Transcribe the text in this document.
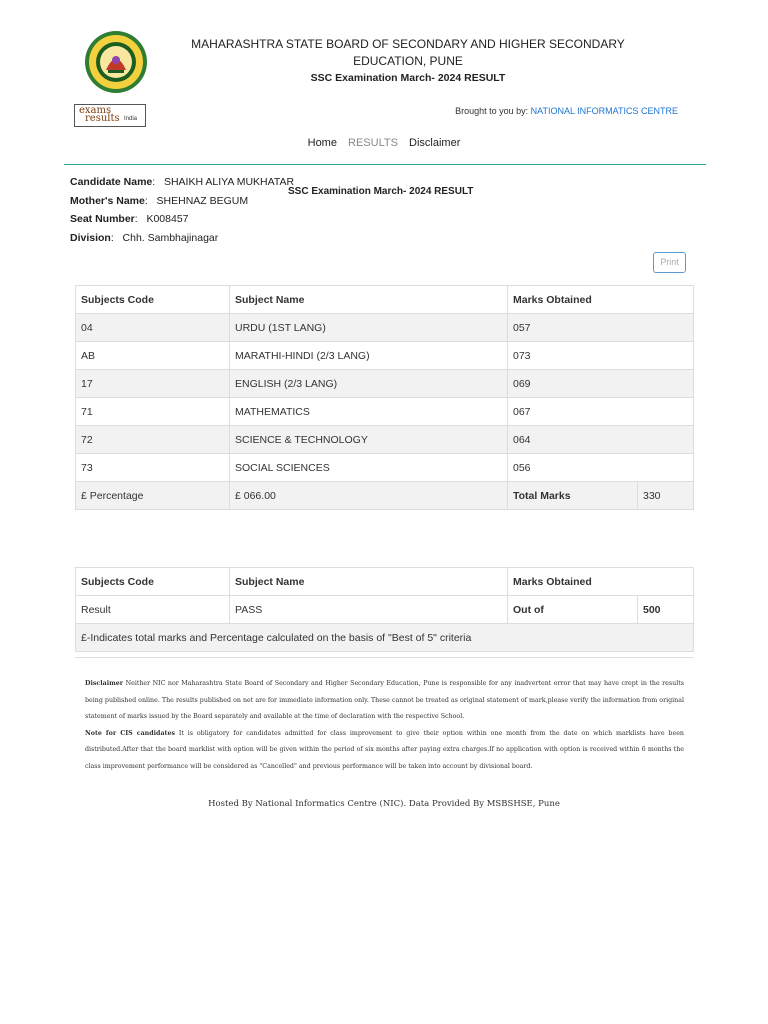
MAHARASHTRA STATE BOARD OF SECONDARY AND HIGHER SECONDARY EDUCATION, PUNE
SSC Examination March- 2024 RESULT
exams
results India
Brought to you by: NATIONAL INFORMATICS CENTRE
Home RESULTS Disclaimer
Candidate Name:   SHAIKH ALIYA MUKHATAR
SSC Examination March- 2024 RESULT
Mother's Name:   SHEHNAZ BEGUM
Seat Number:   K008457
Division:   Chh. Sambhajinagar
Print
Subjects Code	Subject Name	Marks Obtained	
04	URDU (1ST LANG)	057	
AB	MARATHI-HINDI (2/3 LANG)	073	
17	ENGLISH (2/3 LANG)	069	
71	MATHEMATICS	067	
72	SCIENCE & TECHNOLOGY	064	
73	SOCIAL SCIENCES	056	
£ Percentage	£ 066.00	Total Marks	330
Subjects Code	Subject Name	Marks Obtained	
Result	PASS	Out of	500
£-Indicates total marks and Percentage calculated on the basis of "Best of 5" criteria			

Disclaimer Neither NIC nor Maharashtra State Board of Secondary and Higher Secondary Education, Pune is responsible for any inadvertent error that may have crept in the results being published online. The results published on net are for immediate information only. These cannot be treated as original statement of mark,please verify the information from original statement of marks issued by the Board separately and available at the time of declaration with the respective School.

Note for CIS candidates It is obligatory for candidates admitted for class improvement to give their option within one month from the date on which marklists have been distributed.After that the board marklist with option will be given within the period of six months after paying extra charges.If no application with option is received within 6 months the class improvement performance will be considered as "Cancelled" and previous performance will be taken into account by divisional board.

Hosted By National Informatics Centre (NIC). Data Provided By MSBSHSE, Pune
